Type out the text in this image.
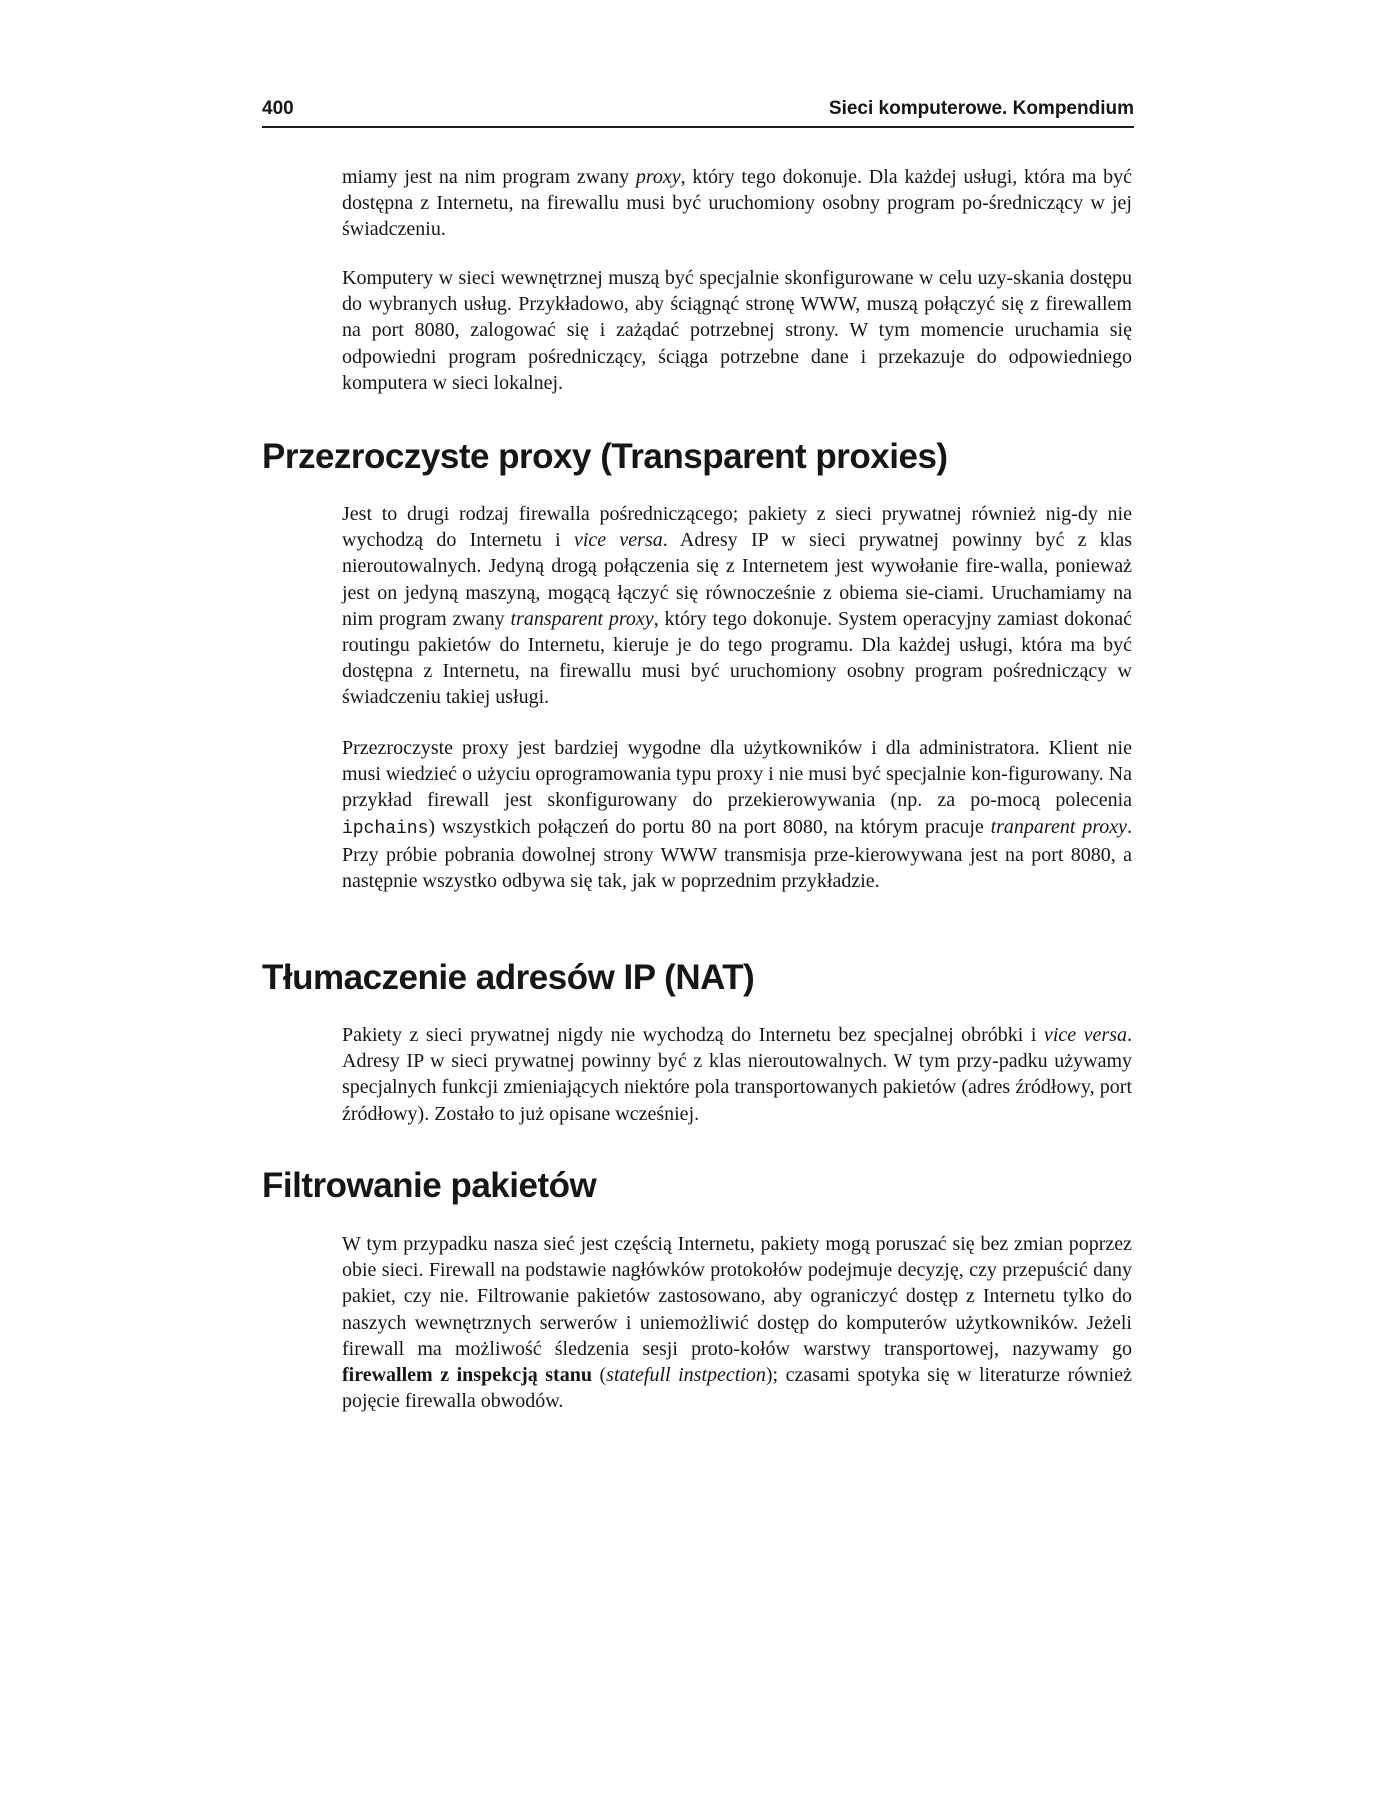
400	Sieci komputerowe. Kompendium

miamy jest na nim program zwany proxy, który tego dokonuje. Dla każdej usługi, która ma być dostępna z Internetu, na firewallu musi być uruchomiony osobny program po-średniczący w jej świadczeniu.

Komputery w sieci wewnętrznej muszą być specjalnie skonfigurowane w celu uzy-skania dostępu do wybranych usług. Przykładowo, aby ściągnąć stronę WWW, muszą połączyć się z firewallem na port 8080, zalogować się i zażądać potrzebnej strony. W tym momencie uruchamia się odpowiedni program pośredniczący, ściąga potrzebne dane i przekazuje do odpowiedniego komputera w sieci lokalnej.

Przezroczyste proxy (Transparent proxies)

Jest to drugi rodzaj firewalla pośredniczącego; pakiety z sieci prywatnej również nig-dy nie wychodzą do Internetu i vice versa. Adresy IP w sieci prywatnej powinny być z klas nieroutowalnych. Jedyną drogą połączenia się z Internetem jest wywołanie fire-walla, ponieważ jest on jedyną maszyną, mogącą łączyć się równocześnie z obiema sie-ciami. Uruchamiamy na nim program zwany transparent proxy, który tego dokonuje. System operacyjny zamiast dokonać routingu pakietów do Internetu, kieruje je do tego programu. Dla każdej usługi, która ma być dostępna z Internetu, na firewallu musi być uruchomiony osobny program pośredniczący w świadczeniu takiej usługi.

Przezroczyste proxy jest bardziej wygodne dla użytkowników i dla administratora. Klient nie musi wiedzieć o użyciu oprogramowania typu proxy i nie musi być specjalnie kon-figurowany. Na przykład firewall jest skonfigurowany do przekierowywania (np. za po-mocą polecenia ipchains) wszystkich połączeń do portu 80 na port 8080, na którym pracuje tranparent proxy. Przy próbie pobrania dowolnej strony WWW transmisja prze-kierowywana jest na port 8080, a następnie wszystko odbywa się tak, jak w poprzednim przykładzie.

Tłumaczenie adresów IP (NAT)

Pakiety z sieci prywatnej nigdy nie wychodzą do Internetu bez specjalnej obróbki i vice versa. Adresy IP w sieci prywatnej powinny być z klas nieroutowalnych. W tym przy-padku używamy specjalnych funkcji zmieniających niektóre pola transportowanych pakietów (adres źródłowy, port źródłowy). Zostało to już opisane wcześniej.

Filtrowanie pakietów

W tym przypadku nasza sieć jest częścią Internetu, pakiety mogą poruszać się bez zmian poprzez obie sieci. Firewall na podstawie nagłówków protokołów podejmuje decyzję, czy przepuścić dany pakiet, czy nie. Filtrowanie pakietów zastosowano, aby ograniczyć dostęp z Internetu tylko do naszych wewnętrznych serwerów i uniemożliwić dostęp do komputerów użytkowników. Jeżeli firewall ma możliwość śledzenia sesji proto-kołów warstwy transportowej, nazywamy go firewallem z inspekcją stanu (statefull instpection); czasami spotyka się w literaturze również pojęcie firewalla obwodów.
